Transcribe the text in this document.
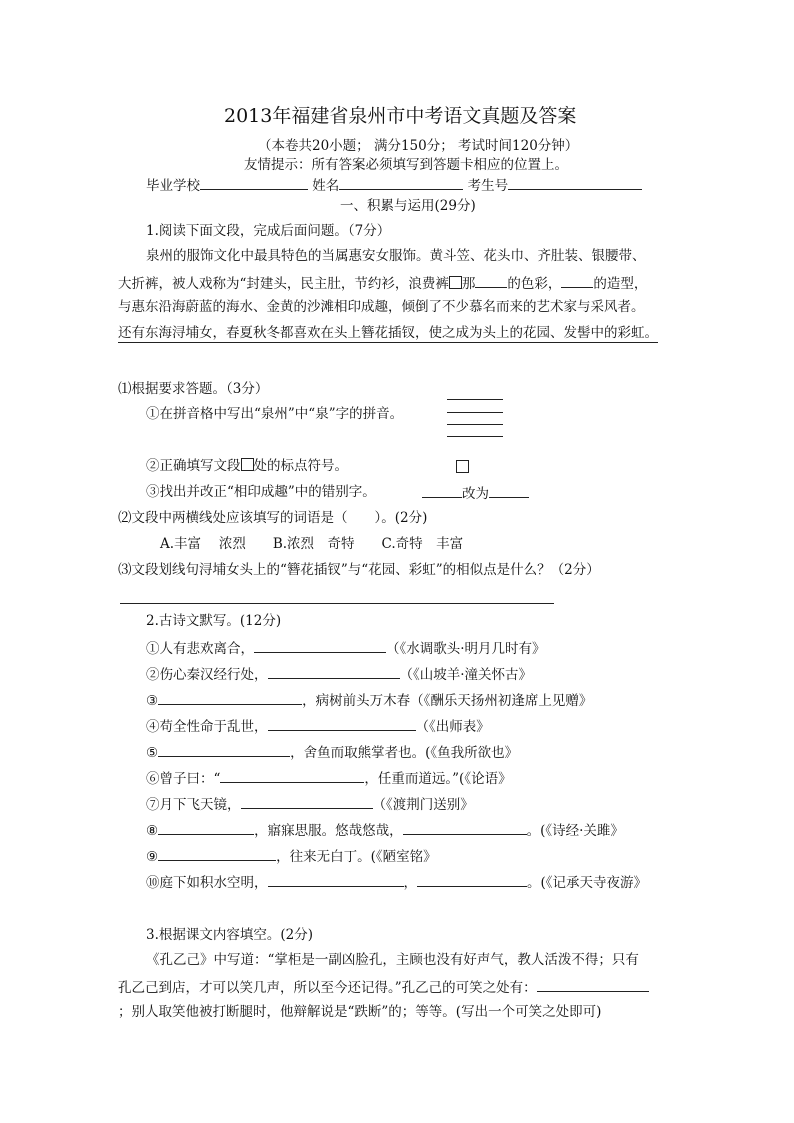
2013年福建省泉州市中考语文真题及答案
（本卷共20小题； 满分150分； 考试时间120分钟）
友情提示：所有答案必须填写到答题卡相应的位置上。
毕业学校	姓名	考生号
一、积累与运用(29分)
1.阅读下面文段，完成后面问题。（7分）
泉州的服饰文化中最具特色的当属惠安女服饰。黄斗笠、花头巾、齐肚装、银腰带、
大折裤，被人戏称为“封建头，民主肚，节约衫，浪费裤 那 的色彩， 的造型，
与惠东沿海蔚蓝的海水、金黄的沙滩相印成趣，倾倒了不少慕名而来的艺术家与采风者。
还有东海浔埔女，春夏秋冬都喜欢在头上簪花插钗，使之成为头上的花园、发髻中的彩虹。
⑴根据要求答题。（3分）
①在拼音格中写出“泉州”中“泉”字的拼音。
②正确填写文段 处的标点符号。
③找出并改正“相印成趣”中的错别字。	改为
⑵文段中两横线处应该填写的词语是（　　）。(2分)
A.丰富　 浓烈　　B.浓烈　奇特　　C.奇特　丰富
⑶文段划线句浔埔女头上的“簪花插钗”与“花园、彩虹”的相似点是什么？（2分）
2.古诗文默写。(12分)
①人有悲欢离合，	（《水调歌头·明月几时有》
②伤心秦汉经行处，	（《山坡羊·潼关怀古》
③	，病树前头万木春（《酬乐天扬州初逢席上见赠》
④苟全性命于乱世，	（《出师表》
⑤	，舍鱼而取熊掌者也。(《鱼我所欲也》
⑥曾子曰：“	，任重而道远。”(《论语》
⑦月下飞天镜，	（《渡荆门送别》
⑧	，寤寐思服。悠哉悠哉，	。(《诗经·关雎》
⑨	，往来无白丁。(《陋室铭》
⑩庭下如积水空明，	，	。(《记承天寺夜游》
3.根据课文内容填空。(2分)
《孔乙己》中写道：“掌柜是一副凶脸孔，主顾也没有好声气，教人活泼不得；只有
孔乙己到店，才可以笑几声，所以至今还记得。”孔乙己的可笑之处有：
；别人取笑他被打断腿时，他辩解说是“跌断”的；等等。(写出一个可笑之处即可)
